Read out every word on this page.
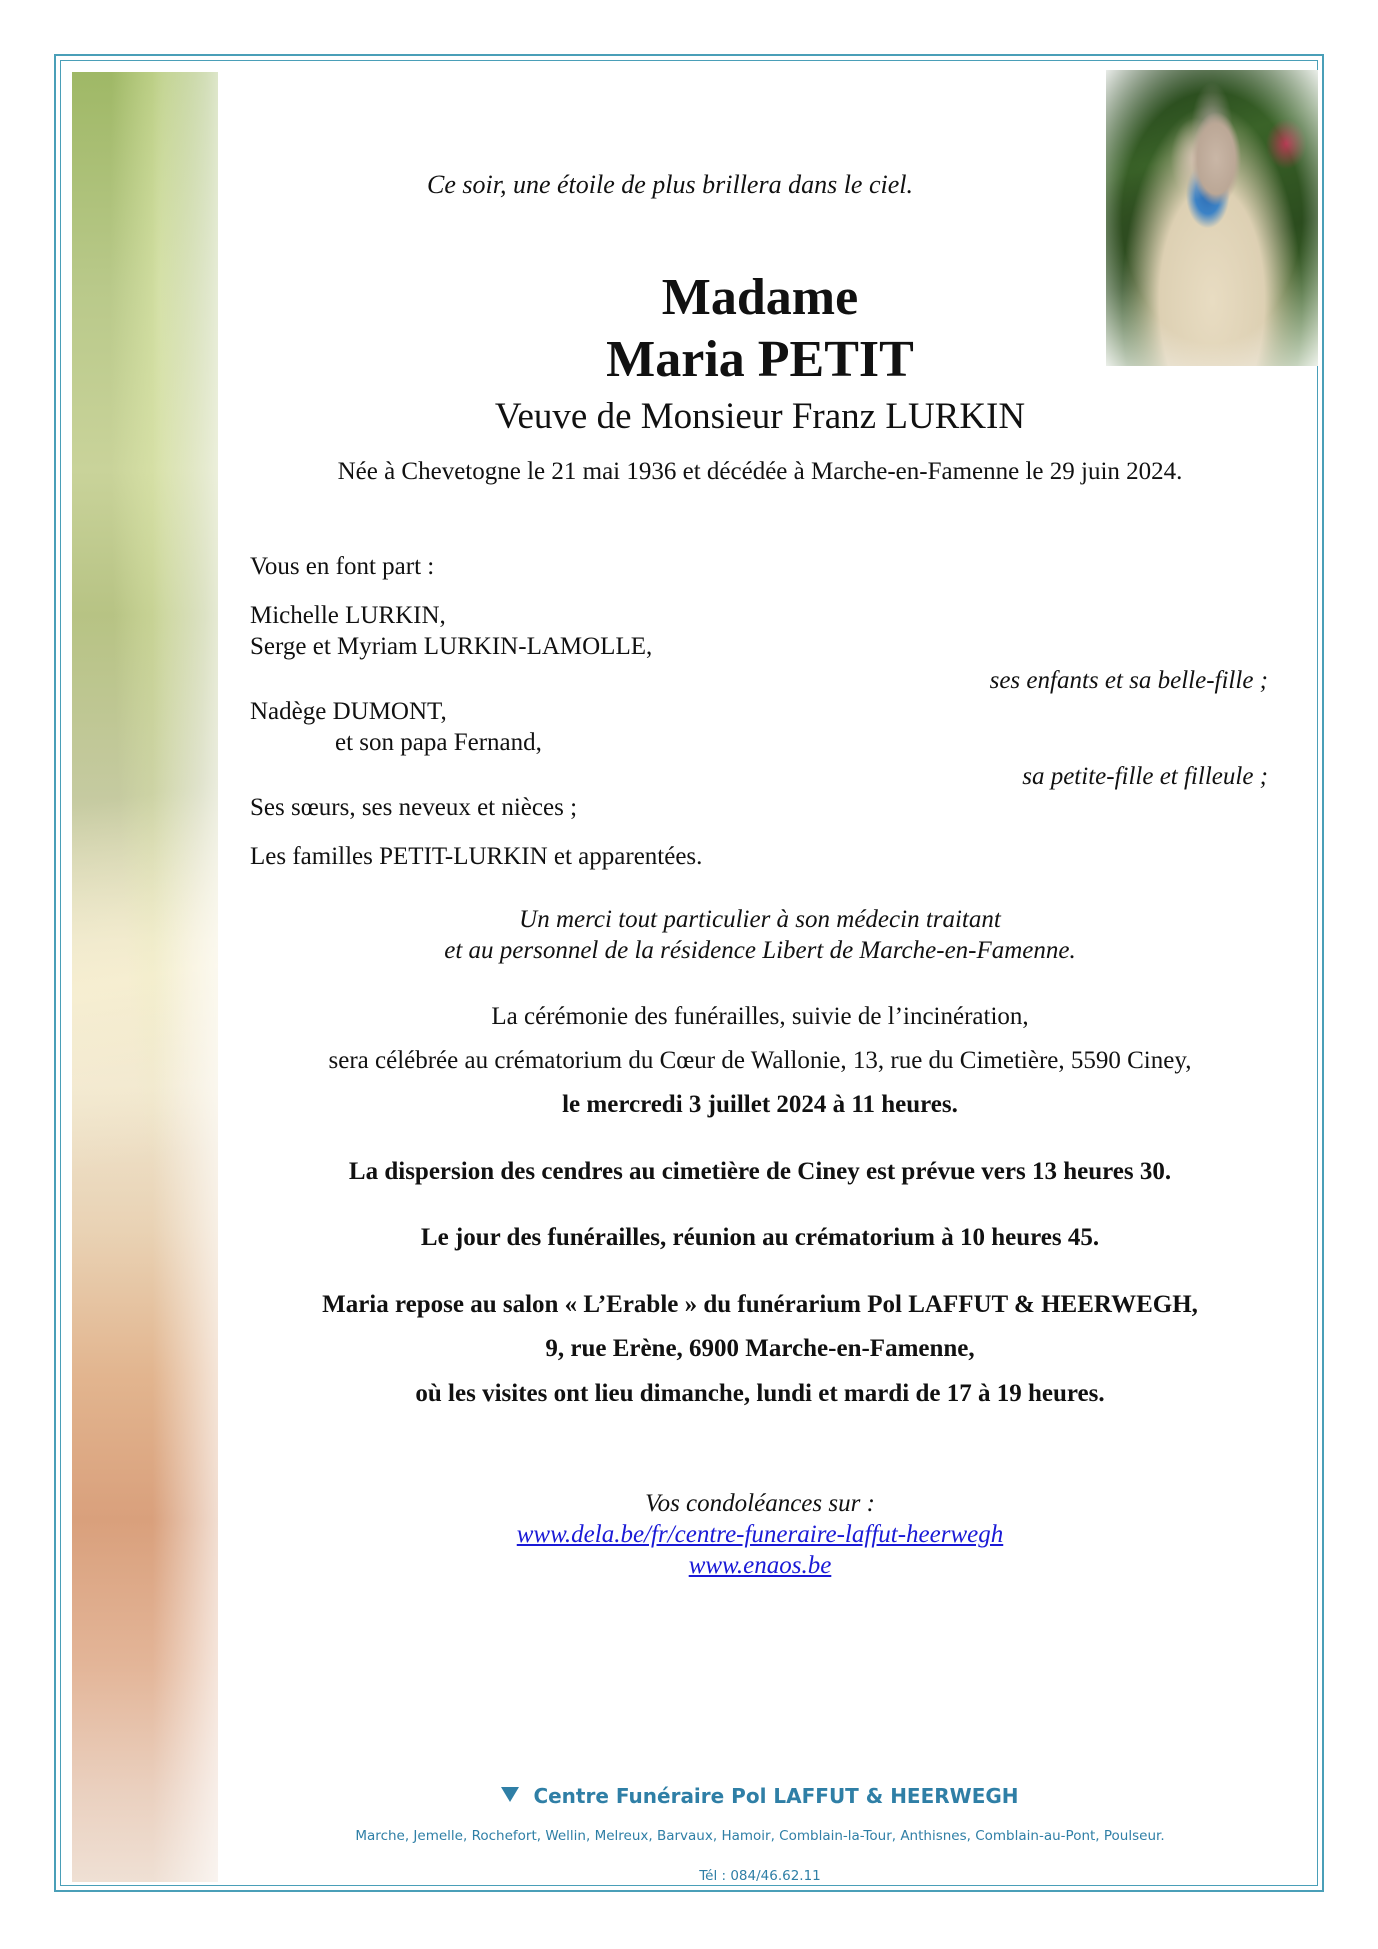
Ce soir, une étoile de plus brillera dans le ciel.
Madame
Maria PETIT
Veuve de Monsieur Franz LURKIN
Née à Chevetogne le 21 mai 1936 et décédée à Marche-en-Famenne le 29 juin 2024.
Vous en font part :
Michelle LURKIN,
Serge et Myriam LURKIN-LAMOLLE,
ses enfants et sa belle-fille ;
Nadège DUMONT,
et son papa Fernand,
sa petite-fille et filleule ;
Ses sœurs, ses neveux et nièces ;
Les familles PETIT-LURKIN et apparentées.
Un merci tout particulier à son médecin traitant
et au personnel de la résidence Libert de Marche-en-Famenne.
La cérémonie des funérailles, suivie de l’incinération,
sera célébrée au crématorium du Cœur de Wallonie, 13, rue du Cimetière, 5590 Ciney,
le mercredi 3 juillet 2024 à 11 heures.
La dispersion des cendres au cimetière de Ciney est prévue vers 13 heures 30.
Le jour des funérailles, réunion au crématorium à 10 heures 45.
Maria repose au salon « L’Erable » du funérarium Pol LAFFUT & HEERWEGH,
9, rue Erène, 6900 Marche-en-Famenne,
où les visites ont lieu dimanche, lundi et mardi de 17 à 19 heures.
Vos condoléances sur :
www.dela.be/fr/centre-funeraire-laffut-heerwegh
www.enaos.be
Centre Funéraire Pol LAFFUT & HEERWEGH
Marche, Jemelle, Rochefort, Wellin, Melreux, Barvaux, Hamoir, Comblain-la-Tour, Anthisnes, Comblain-au-Pont, Poulseur.
Tél : 084/46.62.11
